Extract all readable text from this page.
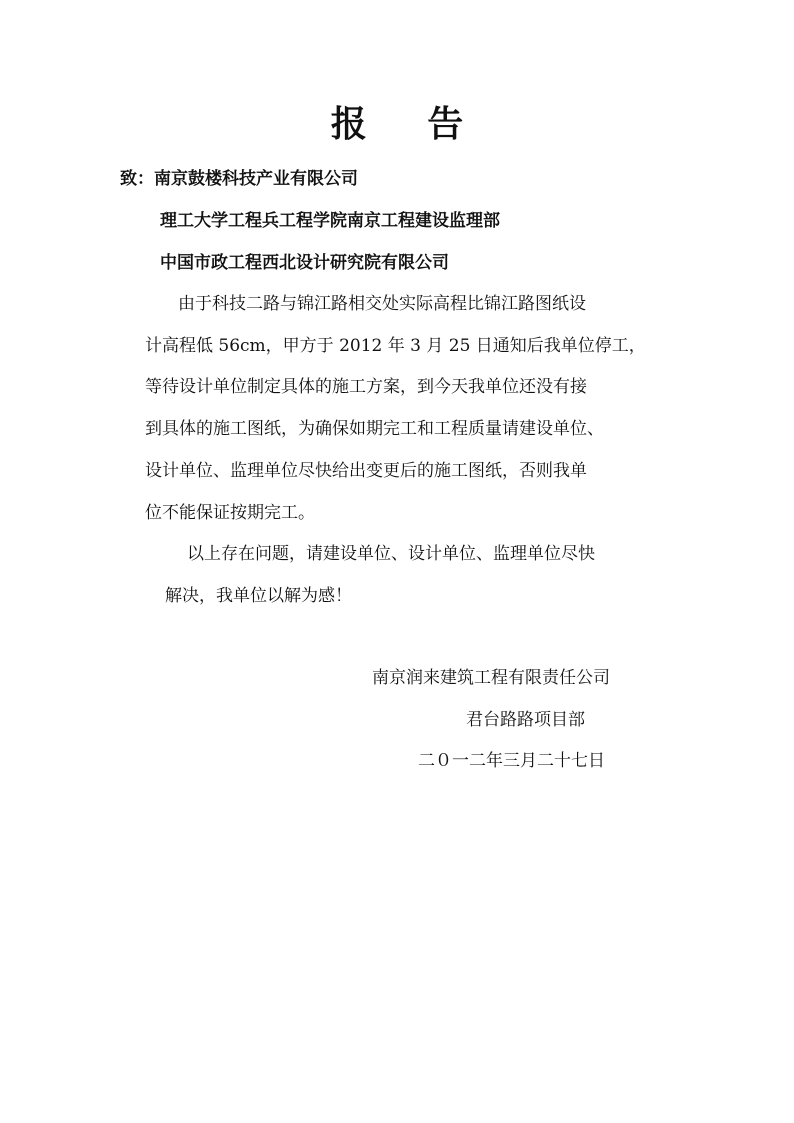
报 告
致：南京鼓楼科技产业有限公司
理工大学工程兵工程学院南京工程建设监理部
中国市政工程西北设计研究院有限公司
由于科技二路与锦江路相交处实际高程比锦江路图纸设
计高程低 56cm，甲方于 2012 年 3 月 25 日通知后我单位停工，
等待设计单位制定具体的施工方案，到今天我单位还没有接
到具体的施工图纸，为确保如期完工和工程质量请建设单位、
设计单位、监理单位尽快给出变更后的施工图纸，否则我单
位不能保证按期完工。
以上存在问题，请建设单位、设计单位、监理单位尽快
解决，我单位以解为感！
南京润来建筑工程有限责任公司
君台路路项目部
二０一二年三月二十七日
